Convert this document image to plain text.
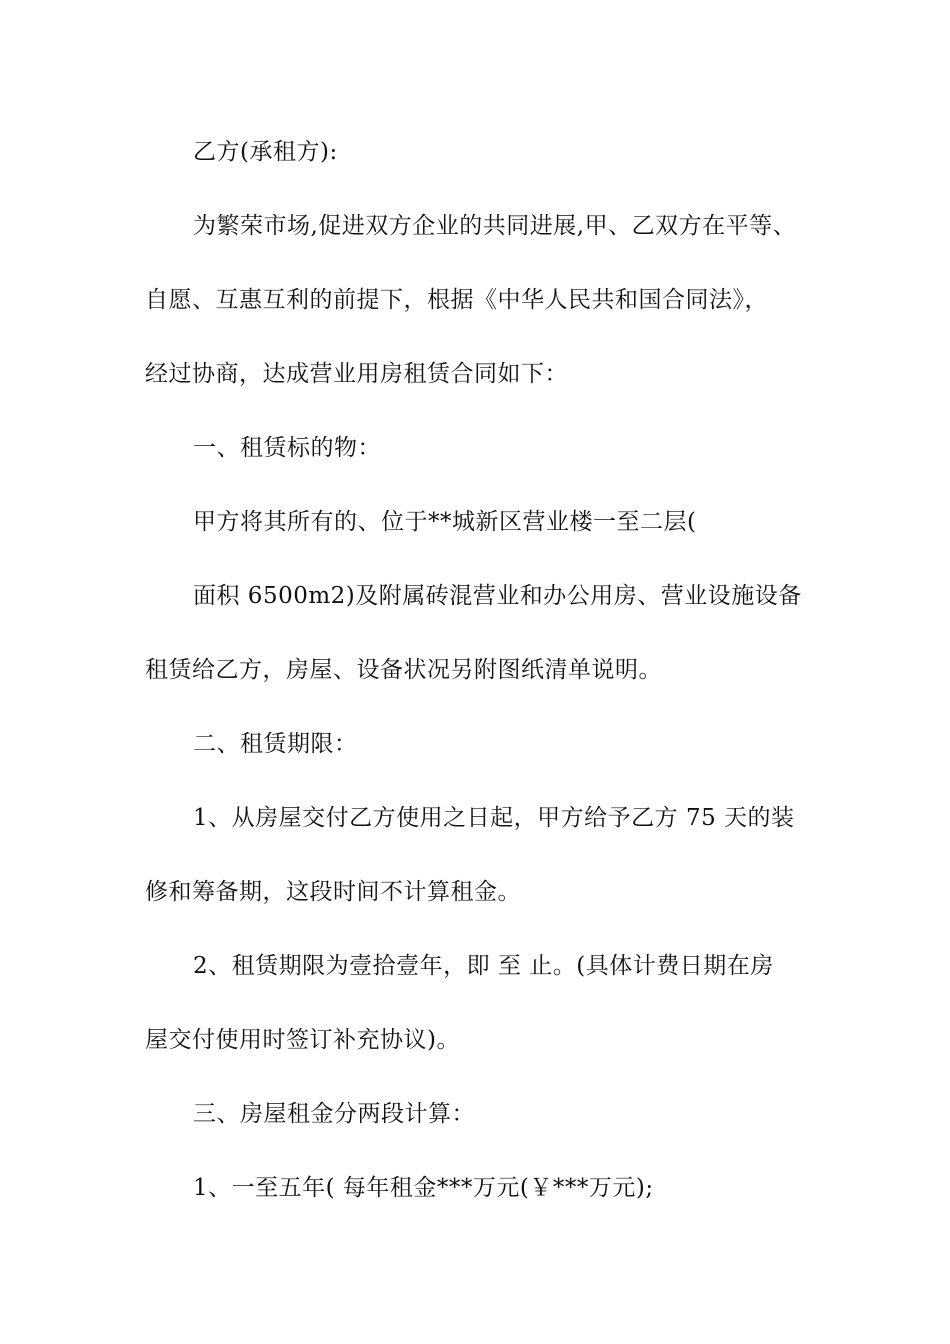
乙方(承租方):
为繁荣市场,促进双方企业的共同进展,甲、乙双方在平等、
自愿、互惠互利的前提下，根据《中华人民共和国合同法》，
经过协商，达成营业用房租赁合同如下：
一、租赁标的物：
甲方将其所有的、位于**城新区营业楼一至二层(
面积 6500m2)及附属砖混营业和办公用房、营业设施设备
租赁给乙方，房屋、设备状况另附图纸清单说明。
二、租赁期限：
1、从房屋交付乙方使用之日起，甲方给予乙方 75 天的装
修和筹备期，这段时间不计算租金。
2、租赁期限为壹拾壹年，即 至 止。(具体计费日期在房
屋交付使用时签订补充协议)。
三、房屋租金分两段计算：
1、一至五年( 每年租金***万元(￥***万元);
